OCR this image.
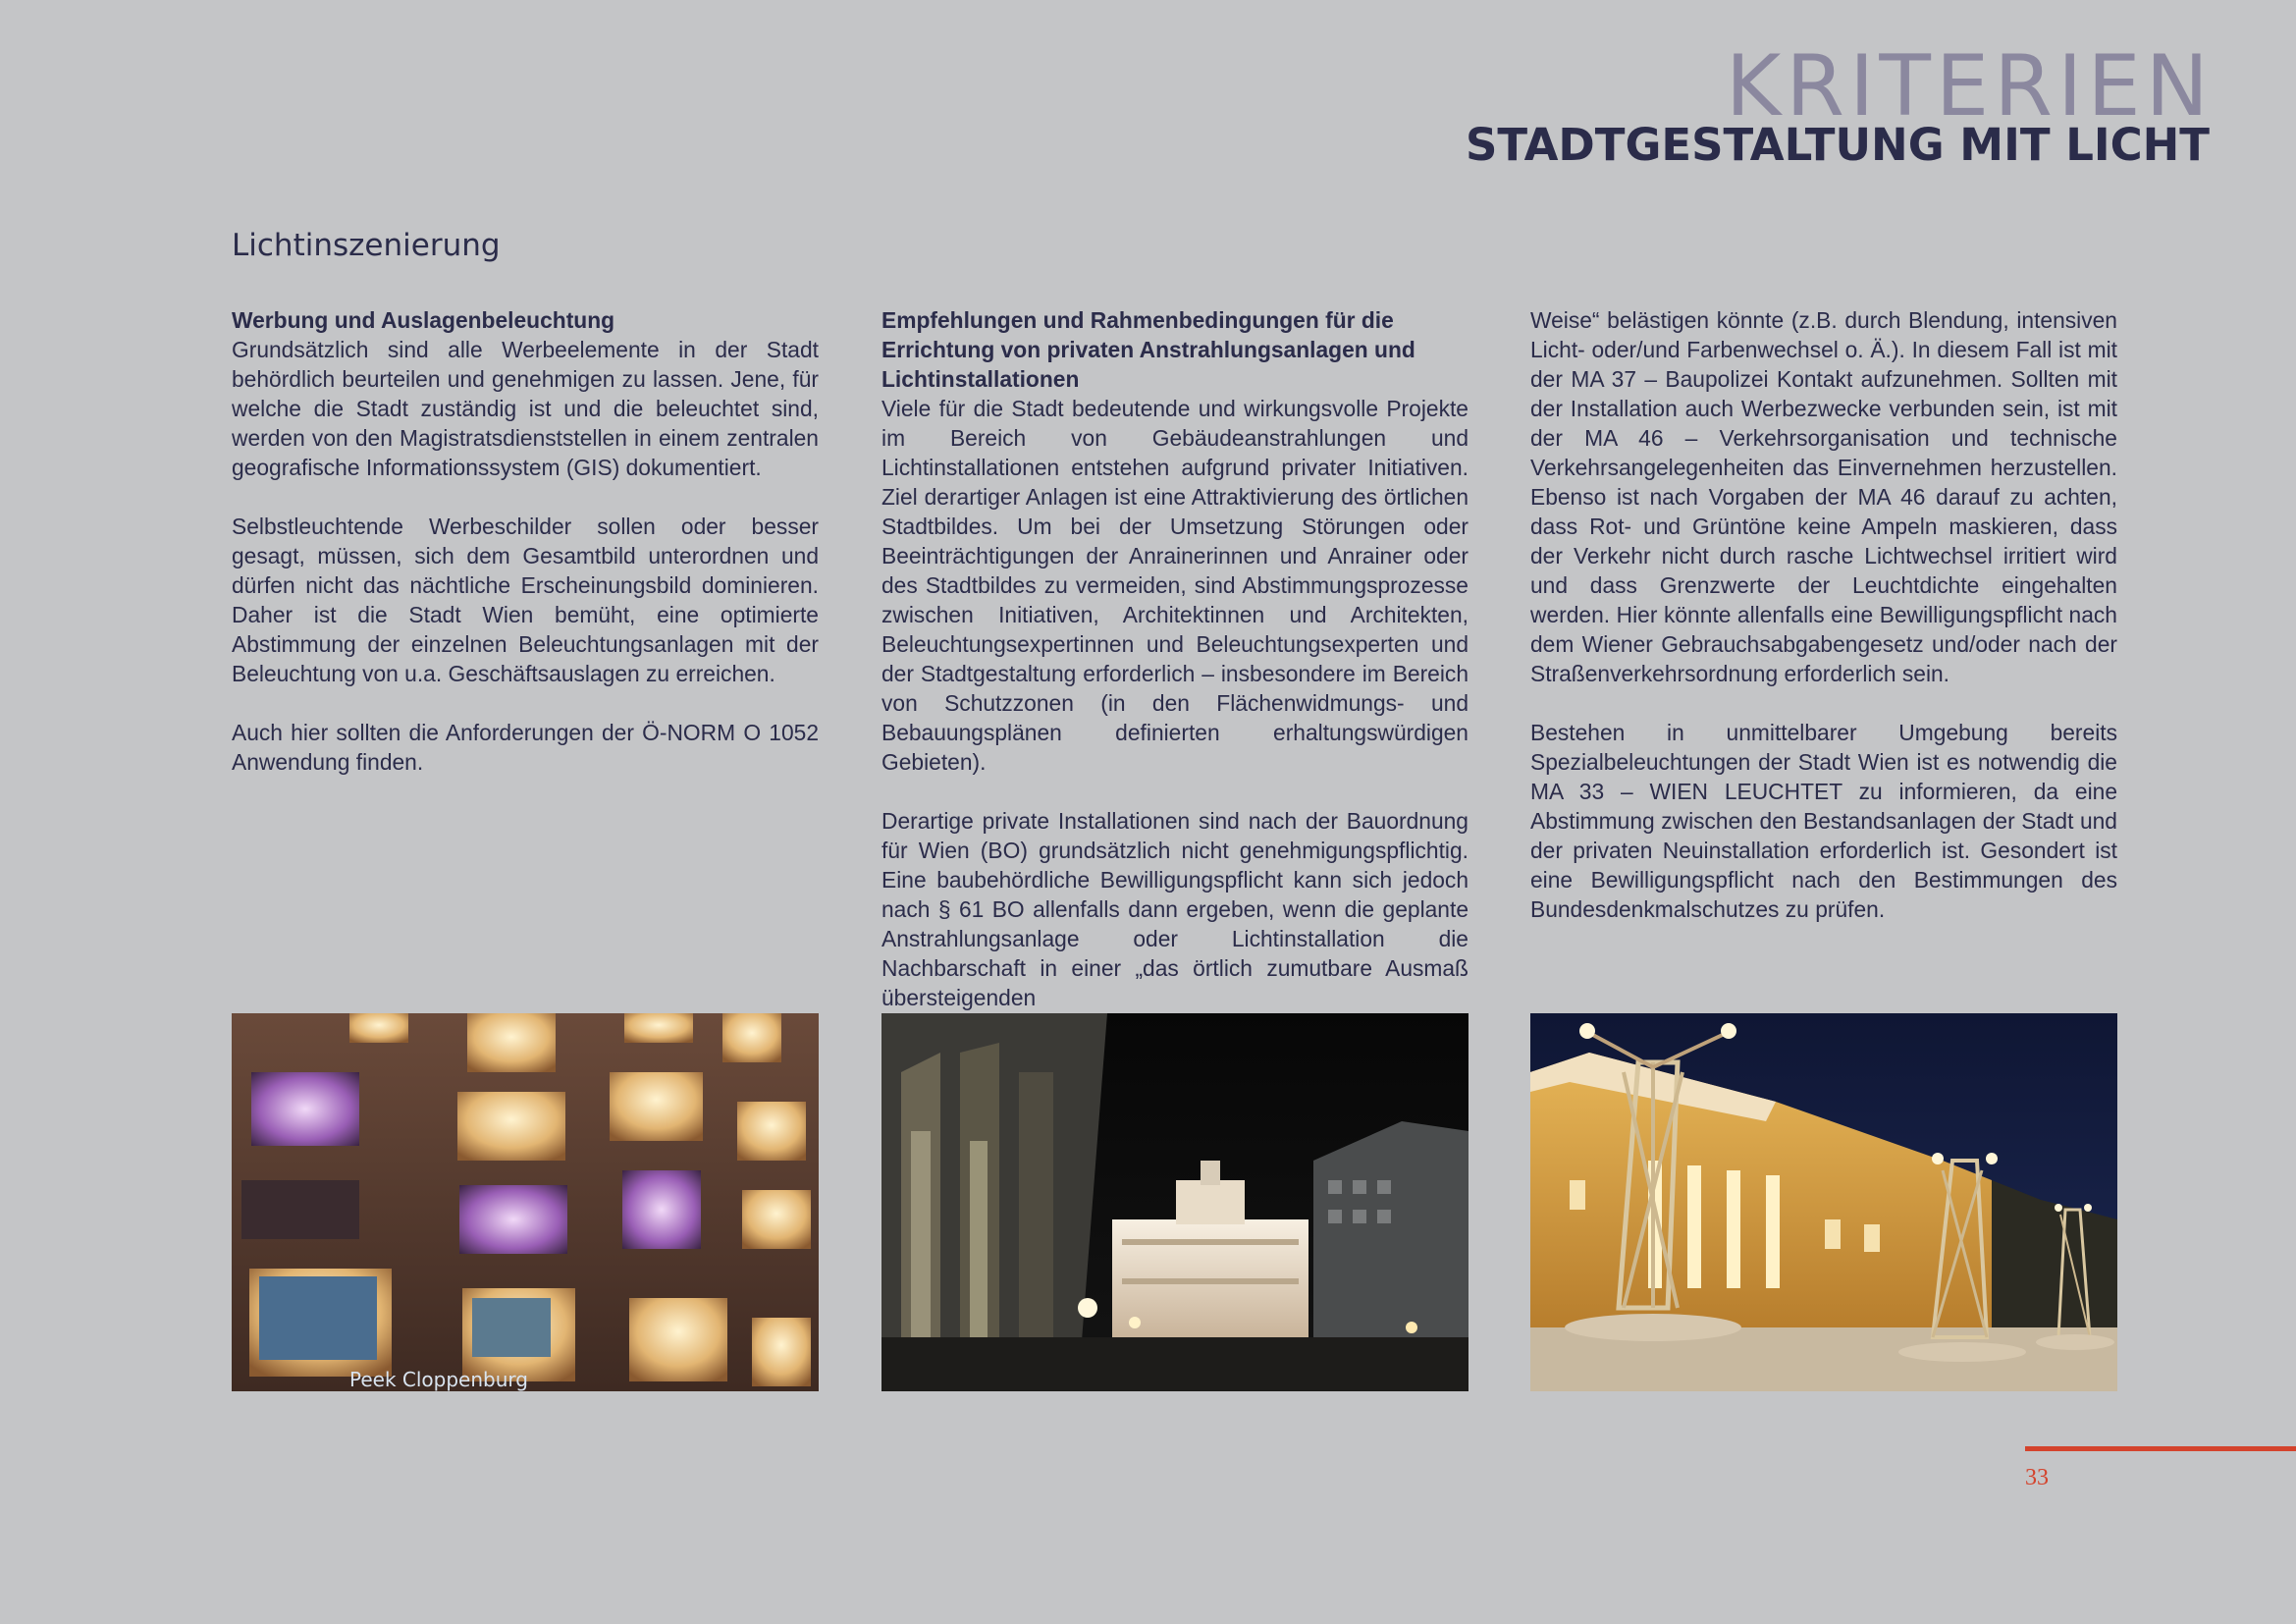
KRITERIEN
STADTGESTALTUNG MIT LICHT
Lichtinszenierung

Werbung und Auslagenbeleuchtung
Grundsätzlich sind alle Werbeelemente in der Stadt behördlich beurteilen und genehmigen zu lassen. Jene, für welche die Stadt zuständig ist und die beleuchtet sind, werden von den Magistratsdienststellen in einem zentralen geografische Informationssystem (GIS) dokumentiert.

Selbstleuchtende Werbeschilder sollen oder besser gesagt, müssen, sich dem Gesamtbild unterordnen und dürfen nicht das nächtliche Erscheinungsbild dominieren. Daher ist die Stadt Wien bemüht, eine optimierte Abstimmung der einzelnen Beleuchtungsanlagen mit der Beleuchtung von u.a. Geschäftsauslagen zu erreichen.

Auch hier sollten die Anforderungen der Ö-NORM O 1052 Anwendung finden.

Empfehlungen und Rahmenbedingungen für die Errichtung von privaten Anstrahlungsanlagen und Lichtinstallationen
Viele für die Stadt bedeutende und wirkungsvolle Projekte im Bereich von Gebäudeanstrahlungen und Lichtinstallationen entstehen aufgrund privater Initiativen. Ziel derartiger Anlagen ist eine Attraktivierung des örtlichen Stadtbildes. Um bei der Umsetzung Störungen oder Beeinträchtigungen der Anrainerinnen und Anrainer oder des Stadtbildes zu vermeiden, sind Abstimmungsprozesse zwischen Initiativen, Architektinnen und Architekten, Beleuchtungsexpertinnen und Beleuchtungsexperten und der Stadtgestaltung erforderlich – insbesondere im Bereich von Schutzzonen (in den Flächenwidmungs- und Bebauungsplänen definierten erhaltungswürdigen Gebieten).

Derartige private Installationen sind nach der Bauordnung für Wien (BO) grundsätzlich nicht genehmigungspflichtig. Eine baubehördliche Bewilligungspflicht kann sich jedoch nach § 61 BO allenfalls dann ergeben, wenn die geplante Anstrahlungsanlage oder Lichtinstallation die Nachbarschaft in einer „das örtlich zumutbare Ausmaß übersteigenden

Weise“ belästigen könnte (z.B. durch Blendung, intensiven Licht- oder/und Farbenwechsel o. Ä.). In diesem Fall ist mit der MA 37 – Baupolizei Kontakt aufzunehmen. Sollten mit der Installation auch Werbezwecke verbunden sein, ist mit der MA 46 – Verkehrsorganisation und technische Verkehrsangelegenheiten das Einvernehmen herzustellen. Ebenso ist nach Vorgaben der MA 46 darauf zu achten, dass Rot- und Grüntöne keine Ampeln maskieren, dass der Verkehr nicht durch rasche Lichtwechsel irritiert wird und dass Grenzwerte der Leuchtdichte eingehalten werden. Hier könnte allenfalls eine Bewilligungspflicht nach dem Wiener Gebrauchsabgabengesetz und/oder nach der Straßenverkehrsordnung erforderlich sein.

Bestehen in unmittelbarer Umgebung bereits Spezialbeleuchtungen der Stadt Wien ist es notwendig die MA 33 – WIEN LEUCHTET zu informieren, da eine Abstimmung zwischen den Bestandsanlagen der Stadt und der privaten Neuinstallation erforderlich ist. Gesondert ist eine Bewilligungspflicht nach den Bestimmungen des Bundesdenkmalschutzes zu prüfen.

Peek Cloppenburg
33
